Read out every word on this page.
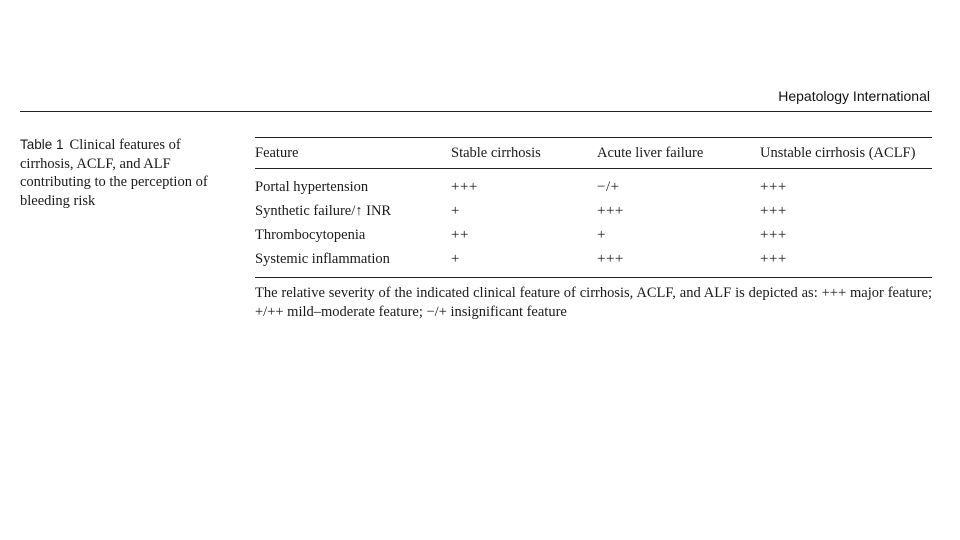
Hepatology International
Table 1 Clinical features of cirrhosis, ACLF, and ALF contributing to the perception of bleeding risk
Feature	Stable cirrhosis	Acute liver failure	Unstable cirrhosis (ACLF)
Portal hypertension	+++	−/+	+++
Synthetic failure/↑ INR	+	+++	+++
Thrombocytopenia	++	+	+++
Systemic inflammation	+	+++	+++
The relative severity of the indicated clinical feature of cirrhosis, ACLF, and ALF is depicted as: +++ major feature; +/++ mild–moderate feature; −/+ insignificant feature
